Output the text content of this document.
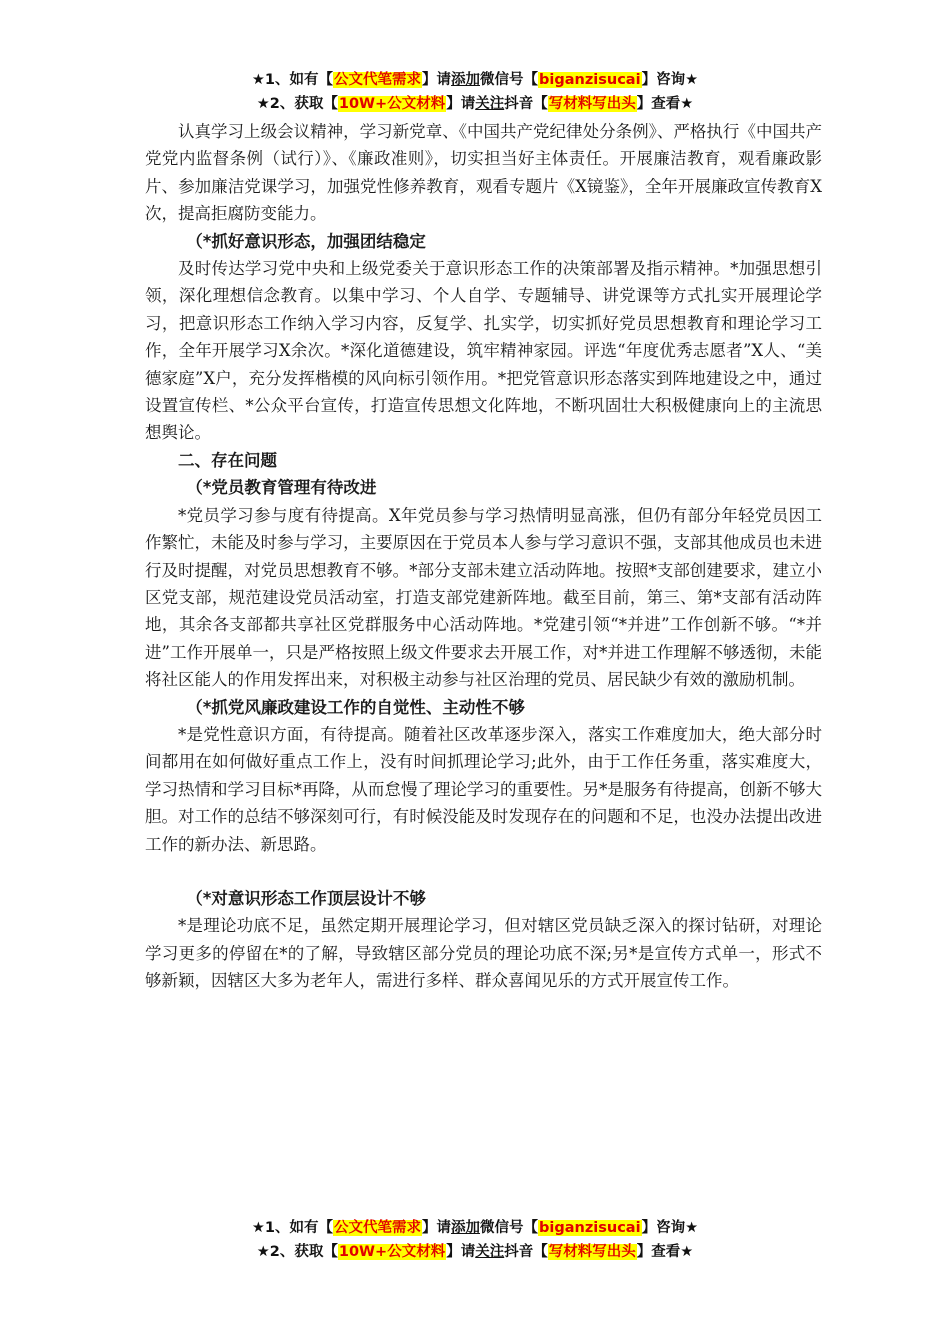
★1、如有【公文代笔需求】请添加微信号【biganzisucai】咨询★
★2、获取【10W+公文材料】请关注抖音【写材料写出头】查看★

认真学习上级会议精神，学习新党章、《中国共产党纪律处分条例》、严格执行《中国共产党党内监督条例（试行）》、《廉政准则》，切实担当好主体责任。开展廉洁教育，观看廉政影片、参加廉洁党课学习，加强党性修养教育，观看专题片《X镜鉴》，全年开展廉政宣传教育X次，提高拒腐防变能力。

（*抓好意识形态，加强团结稳定

及时传达学习党中央和上级党委关于意识形态工作的决策部署及指示精神。*加强思想引领，深化理想信念教育。以集中学习、个人自学、专题辅导、讲党课等方式扎实开展理论学习，把意识形态工作纳入学习内容，反复学、扎实学，切实抓好党员思想教育和理论学习工作，全年开展学习X余次。*深化道德建设，筑牢精神家园。评选“年度优秀志愿者”X人、“美德家庭”X户，充分发挥楷模的风向标引领作用。*把党管意识形态落实到阵地建设之中，通过设置宣传栏、*公众平台宣传，打造宣传思想文化阵地，不断巩固壮大积极健康向上的主流思想舆论。

二、存在问题

（*党员教育管理有待改进

*党员学习参与度有待提高。X年党员参与学习热情明显高涨，但仍有部分年轻党员因工作繁忙，未能及时参与学习，主要原因在于党员本人参与学习意识不强，支部其他成员也未进行及时提醒，对党员思想教育不够。*部分支部未建立活动阵地。按照*支部创建要求，建立小区党支部，规范建设党员活动室，打造支部党建新阵地。截至目前，第三、第*支部有活动阵地，其余各支部都共享社区党群服务中心活动阵地。*党建引领“*并进”工作创新不够。“*并进”工作开展单一，只是严格按照上级文件要求去开展工作，对*并进工作理解不够透彻，未能将社区能人的作用发挥出来，对积极主动参与社区治理的党员、居民缺少有效的激励机制。

（*抓党风廉政建设工作的自觉性、主动性不够

*是党性意识方面，有待提高。随着社区改革逐步深入，落实工作难度加大，绝大部分时间都用在如何做好重点工作上，没有时间抓理论学习;此外，由于工作任务重，落实难度大，学习热情和学习目标*再降，从而怠慢了理论学习的重要性。另*是服务有待提高，创新不够大胆。对工作的总结不够深刻可行，有时候没能及时发现存在的问题和不足，也没办法提出改进工作的新办法、新思路。

（*对意识形态工作顶层设计不够

*是理论功底不足，虽然定期开展理论学习，但对辖区党员缺乏深入的探讨钻研，对理论学习更多的停留在*的了解，导致辖区部分党员的理论功底不深;另*是宣传方式单一，形式不够新颖，因辖区大多为老年人，需进行多样、群众喜闻见乐的方式开展宣传工作。

★1、如有【公文代笔需求】请添加微信号【biganzisucai】咨询★
★2、获取【10W+公文材料】请关注抖音【写材料写出头】查看★
